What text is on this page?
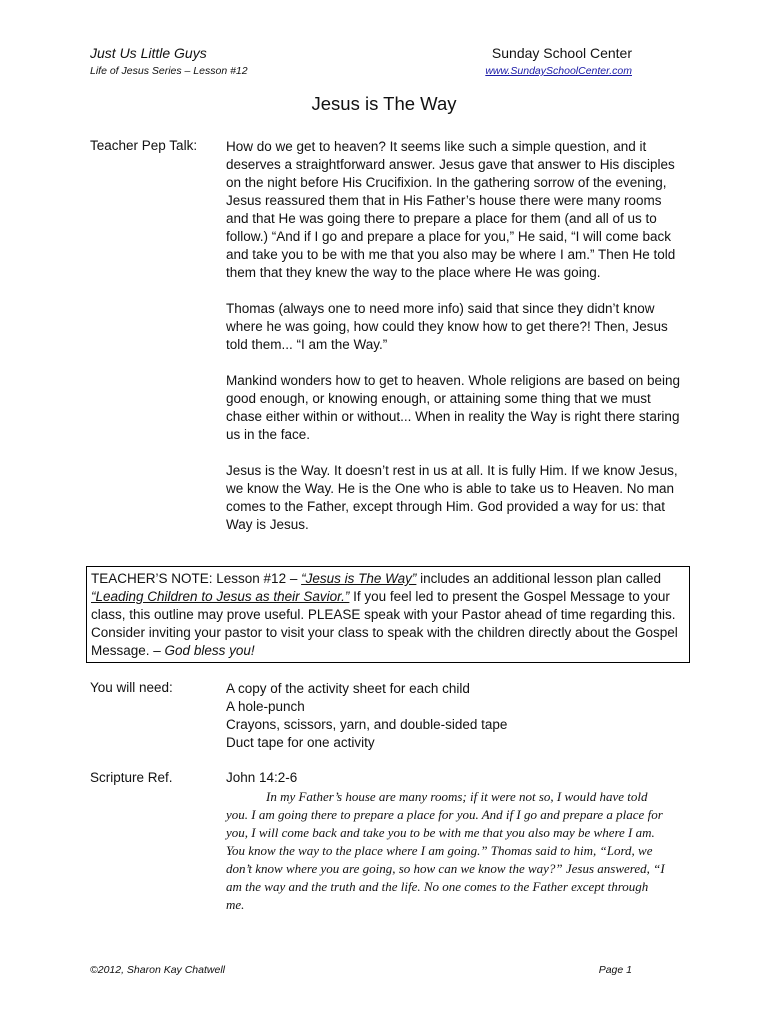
Just Us Little Guys
Life of Jesus Series – Lesson #12
Sunday School Center
www.SundaySchoolCenter.com
Jesus is The Way
Teacher Pep Talk: How do we get to heaven? It seems like such a simple question, and it deserves a straightforward answer. Jesus gave that answer to His disciples on the night before His Crucifixion. In the gathering sorrow of the evening, Jesus reassured them that in His Father’s house there were many rooms and that He was going there to prepare a place for them (and all of us to follow.) “And if I go and prepare a place for you,” He said, “I will come back and take you to be with me that you also may be where I am.” Then He told them that they knew the way to the place where He was going.

Thomas (always one to need more info) said that since they didn’t know where he was going, how could they know how to get there?! Then, Jesus told them... “I am the Way.”

Mankind wonders how to get to heaven. Whole religions are based on being good enough, or knowing enough, or attaining some thing that we must chase either within or without... When in reality the Way is right there staring us in the face.

Jesus is the Way. It doesn’t rest in us at all. It is fully Him. If we know Jesus, we know the Way. He is the One who is able to take us to Heaven. No man comes to the Father, except through Him. God provided a way for us: that Way is Jesus.

TEACHER’S NOTE: Lesson #12 – “Jesus is The Way” includes an additional lesson plan called “Leading Children to Jesus as their Savior.” If you feel led to present the Gospel Message to your class, this outline may prove useful. PLEASE speak with your Pastor ahead of time regarding this. Consider inviting your pastor to visit your class to speak with the children directly about the Gospel Message. – God bless you!
You will need:	A copy of the activity sheet for each child
A hole-punch
Crayons, scissors, yarn, and double-sided tape
Duct tape for one activity
Scripture Ref.	John 14:2-6
In my Father’s house are many rooms; if it were not so, I would have told you. I am going there to prepare a place for you. And if I go and prepare a place for you, I will come back and take you to be with me that you also may be where I am. You know the way to the place where I am going.” Thomas said to him, “Lord, we don’t know where you are going, so how can we know the way?” Jesus answered, “I am the way and the truth and the life. No one comes to the Father except through me.
©2012, Sharon Kay Chatwell	Page 1
